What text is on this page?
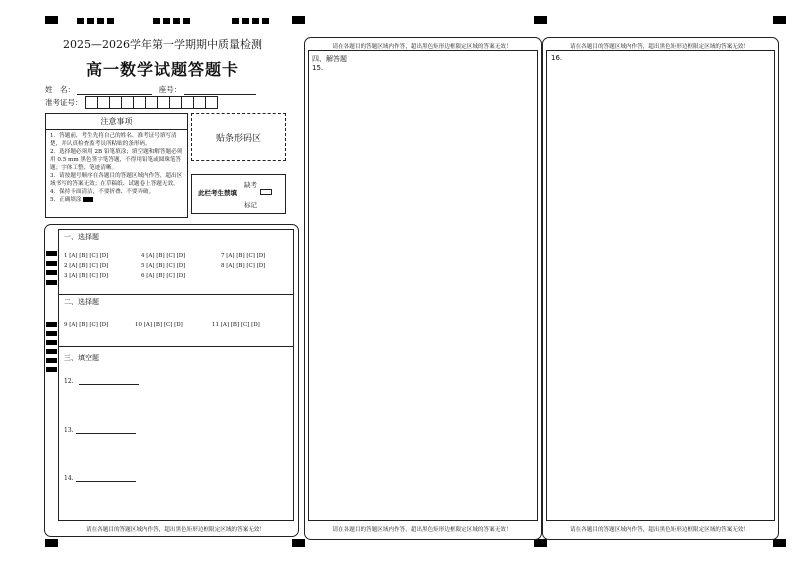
2025—2026学年第一学期期中质量检测
高一数学试题答题卡
姓　名：	座号：
准考证号：
注意事项
1．答题前，考生先将自己的姓名、准考证号填写清楚，并认真检查监考员所粘贴的条形码。
2．选择题必须用 2B 铅笔填涂；填空题和解答题必须用 0.5 mm 黑色签字笔答题，不得用铅笔或圆珠笔答题；字体工整、笔迹清晰。
3．请按题号顺序在各题目的答题区域内作答，超出区域书写的答案无效；在草稿纸、试题卷上答题无效。
4．保持卡面清洁，不要折叠、不要弄破。
5．正确填涂
贴条形码区
此栏考生禁填
缺考
标记
一、选择题
1 [A] [B] [C] [D]	4 [A] [B] [C] [D]	7 [A] [B] [C] [D]
2 [A] [B] [C] [D]	5 [A] [B] [C] [D]	8 [A] [B] [C] [D]
3 [A] [B] [C] [D]	6 [A] [B] [C] [D]
二、选择题
9 [A] [B] [C] [D]	10 [A] [B] [C] [D]	11 [A] [B] [C] [D]
三、填空题
12.
13.
14.
请在各题目的答题区域内作答，超出黑色矩形边框限定区域的答案无效！
请在各题目的答题区域内作答，超出黑色矩形边框限定区域的答案无效！
四、解答题
15.
请在各题目的答题区域内作答，超出黑色矩形边框限定区域的答案无效！
请在各题目的答题区域内作答，超出黑色矩形边框限定区域的答案无效！
16.
请在各题目的答题区域内作答，超出黑色矩形边框限定区域的答案无效！
